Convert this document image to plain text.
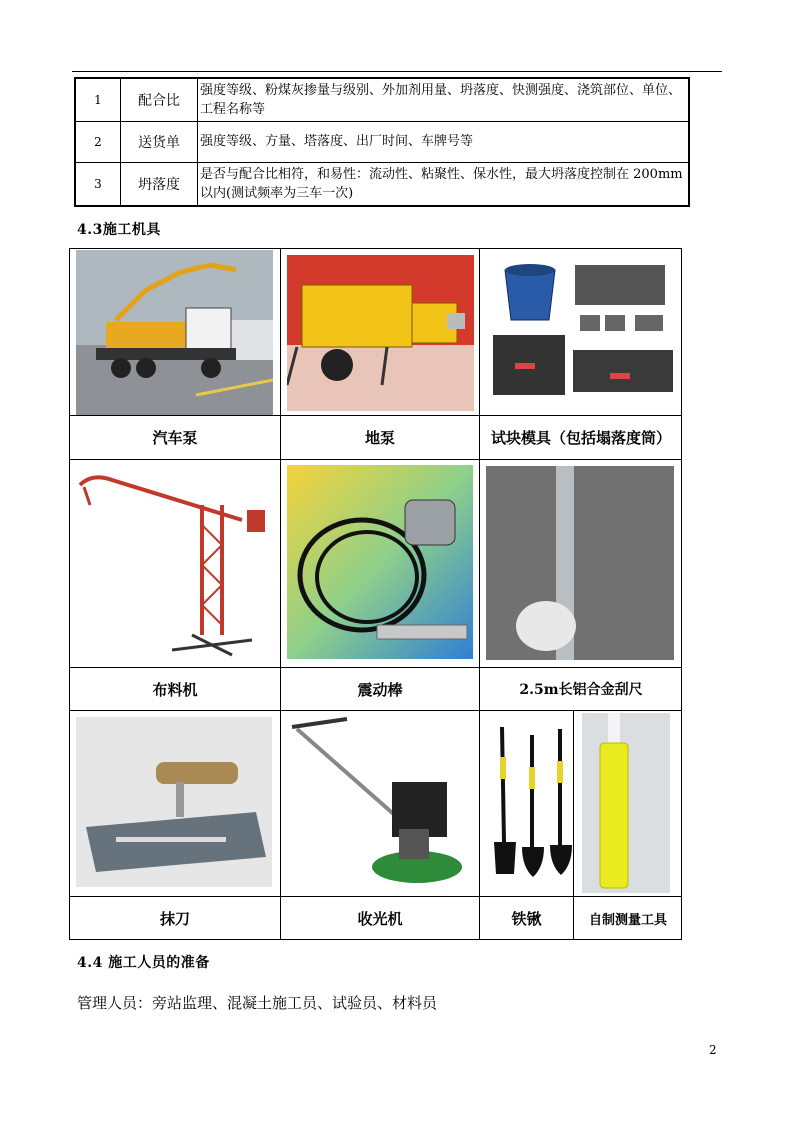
1	配合比	强度等级、粉煤灰掺量与级别、外加剂用量、坍落度、快测强度、浇筑部位、单位、工程名称等
2	送货单	强度等级、方量、塔落度、出厂时间、车牌号等
3	坍落度	是否与配合比相符，和易性：流动性、粘聚性、保水性，最大坍落度控制在 200mm 以内(测试频率为三车一次)
4.3施工机具
汽车泵	地泵	试块模具（包括塌落度筒）
布料机	震动棒	2.5m长铝合金刮尺
抹刀	收光机	铁锹	自制测量工具
4.4 施工人员的准备
管理人员：旁站监理、混凝土施工员、试验员、材料员
2
